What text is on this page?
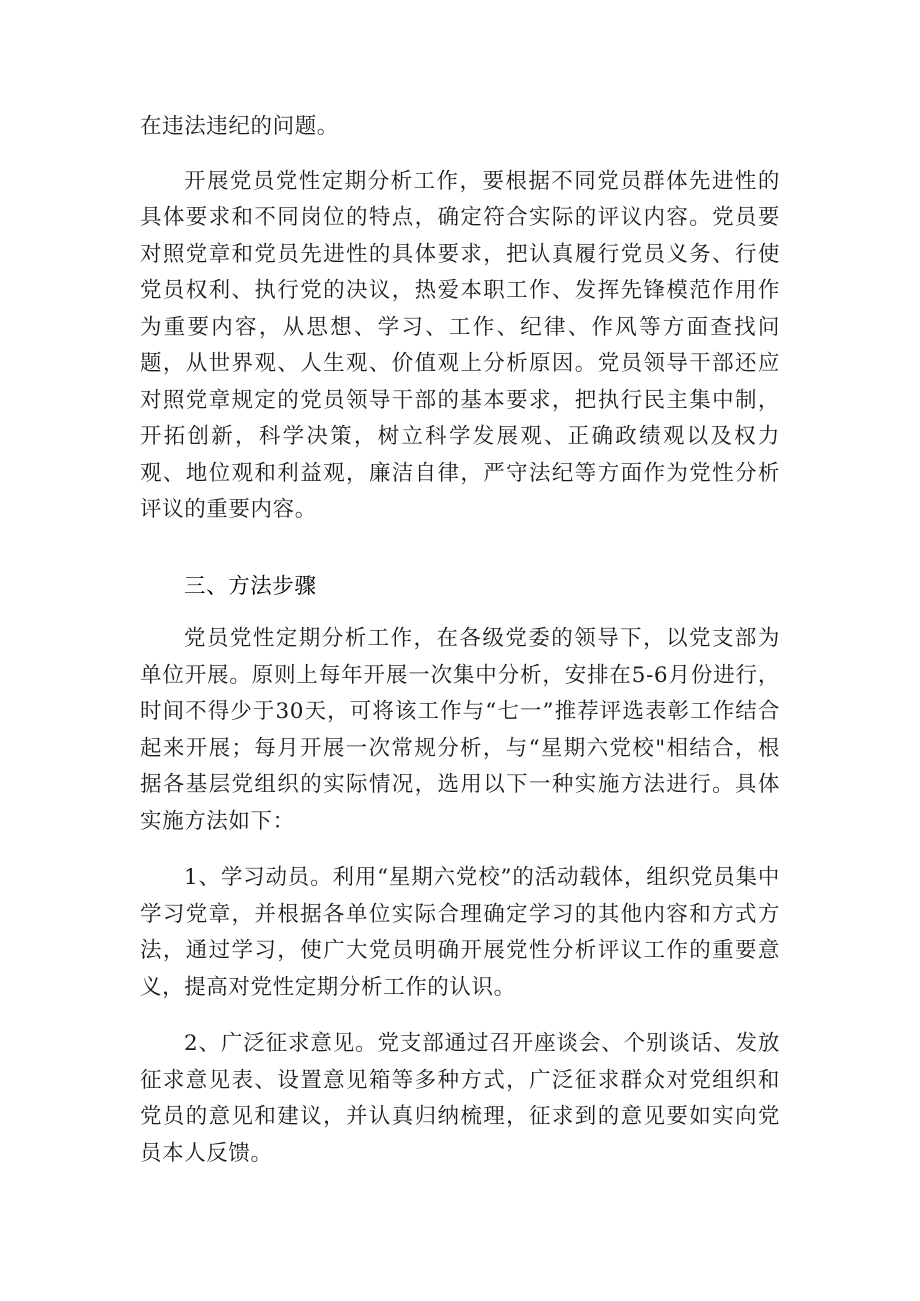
在违法违纪的问题。

开展党员党性定期分析工作，要根据不同党员群体先进性的具体要求和不同岗位的特点，确定符合实际的评议内容。党员要对照党章和党员先进性的具体要求，把认真履行党员义务、行使党员权利、执行党的决议，热爱本职工作、发挥先锋模范作用作为重要内容，从思想、学习、工作、纪律、作风等方面查找问题，从世界观、人生观、价值观上分析原因。党员领导干部还应对照党章规定的党员领导干部的基本要求，把执行民主集中制，开拓创新，科学决策，树立科学发展观、正确政绩观以及权力观、地位观和利益观，廉洁自律，严守法纪等方面作为党性分析评议的重要内容。

三、方法步骤

党员党性定期分析工作，在各级党委的领导下，以党支部为单位开展。原则上每年开展一次集中分析，安排在5-6月份进行，时间不得少于30天，可将该工作与“七一”推荐评选表彰工作结合起来开展；每月开展一次常规分析，与“星期六党校"相结合，根据各基层党组织的实际情况，选用以下一种实施方法进行。具体实施方法如下：

1、学习动员。利用“星期六党校”的活动载体，组织党员集中学习党章，并根据各单位实际合理确定学习的其他内容和方式方法，通过学习，使广大党员明确开展党性分析评议工作的重要意义，提高对党性定期分析工作的认识。

2、广泛征求意见。党支部通过召开座谈会、个别谈话、发放征求意见表、设置意见箱等多种方式，广泛征求群众对党组织和党员的意见和建议，并认真归纳梳理，征求到的意见要如实向党员本人反馈。
